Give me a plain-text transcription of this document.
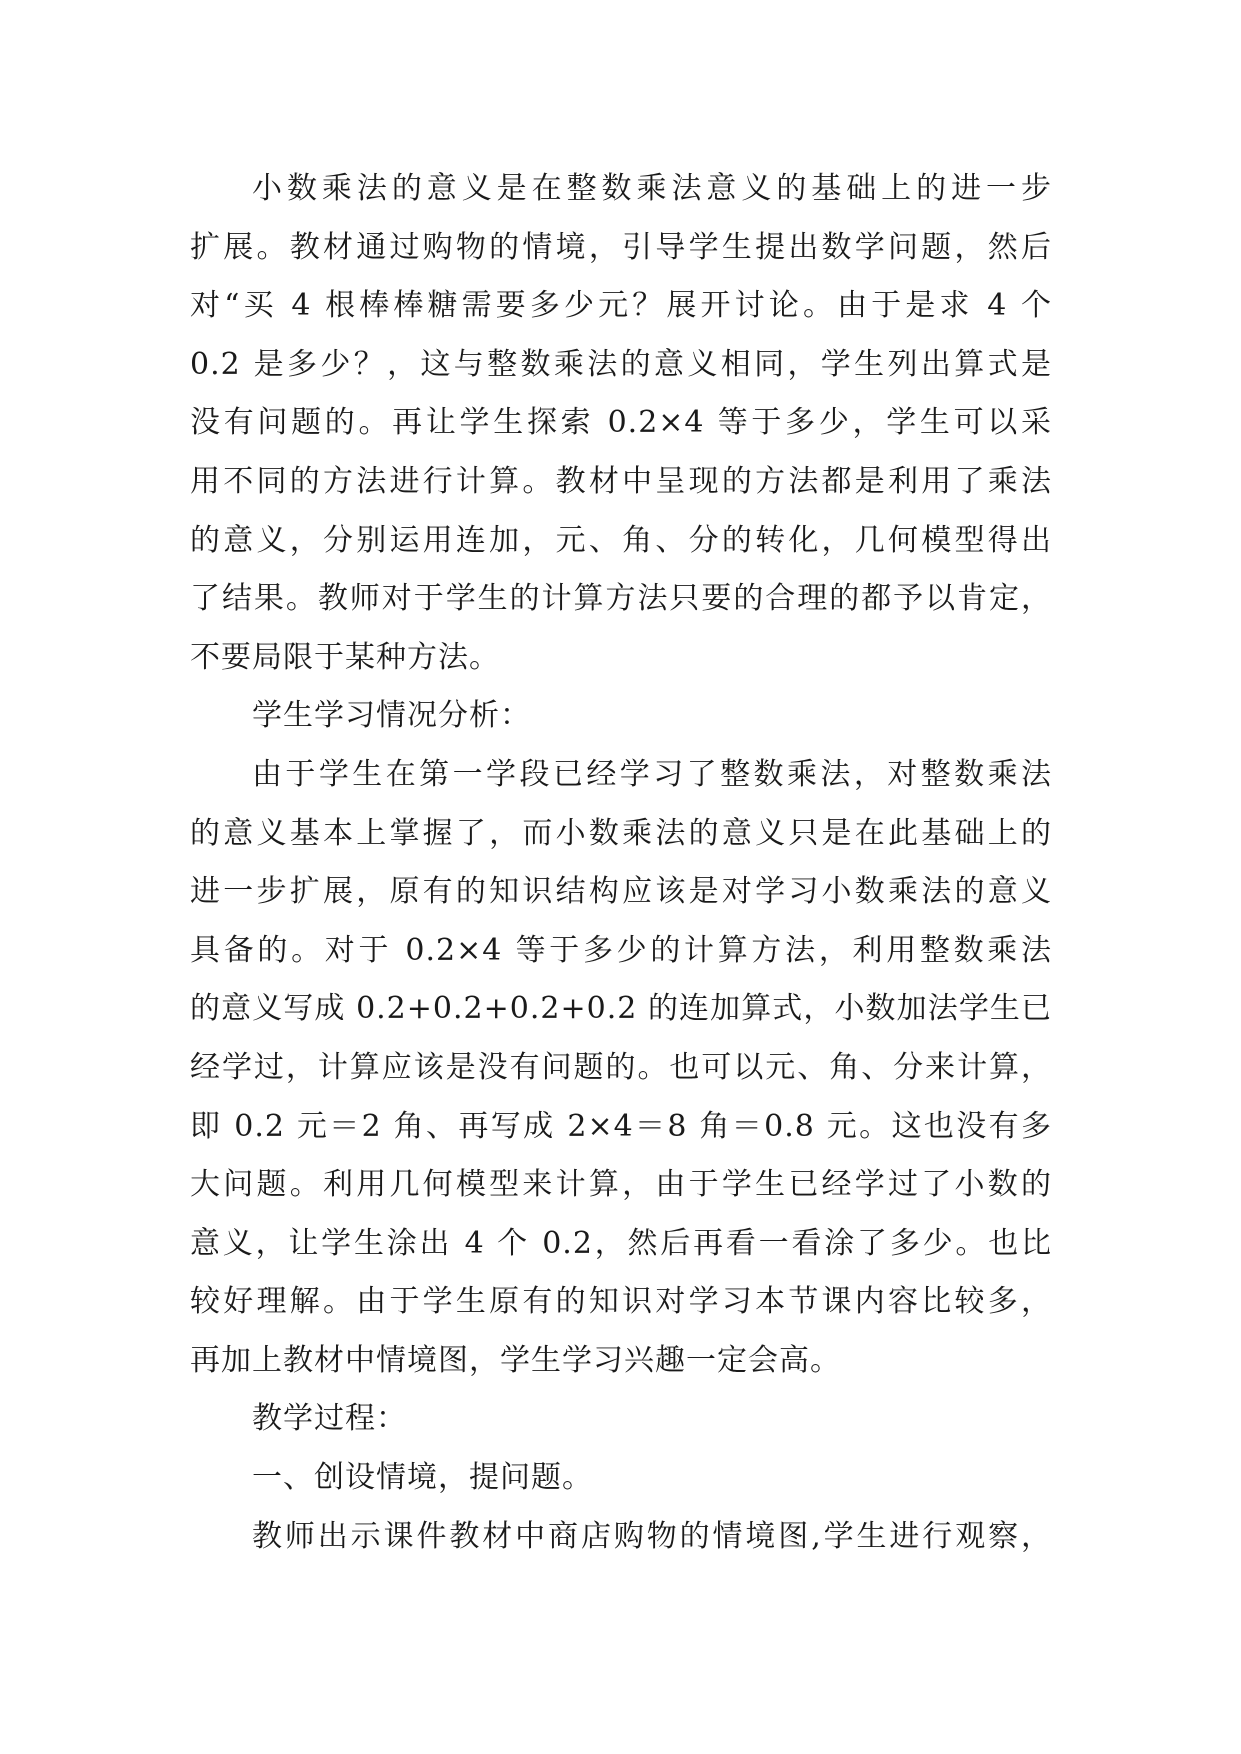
小数乘法的意义是在整数乘法意义的基础上的进一步
扩展。教材通过购物的情境，引导学生提出数学问题，然后
对“买 4 根棒棒糖需要多少元？展开讨论。由于是求 4 个
0.2 是多少？，这与整数乘法的意义相同，学生列出算式是
没有问题的。再让学生探索 0.2×4 等于多少，学生可以采
用不同的方法进行计算。教材中呈现的方法都是利用了乘法
的意义，分别运用连加，元、角、分的转化，几何模型得出
了结果。教师对于学生的计算方法只要的合理的都予以肯定，
不要局限于某种方法。
学生学习情况分析：
由于学生在第一学段已经学习了整数乘法，对整数乘法
的意义基本上掌握了，而小数乘法的意义只是在此基础上的
进一步扩展，原有的知识结构应该是对学习小数乘法的意义
具备的。对于 0.2×4 等于多少的计算方法，利用整数乘法
的意义写成 0.2+0.2+0.2+0.2 的连加算式，小数加法学生已
经学过，计算应该是没有问题的。也可以元、角、分来计算，
即 0.2 元＝2 角、再写成 2×4＝8 角＝0.8 元。这也没有多
大问题。利用几何模型来计算，由于学生已经学过了小数的
意义，让学生涂出 4 个 0.2，然后再看一看涂了多少。也比
较好理解。由于学生原有的知识对学习本节课内容比较多，
再加上教材中情境图，学生学习兴趣一定会高。
教学过程：
一、创设情境，提问题。
教师出示课件教材中商店购物的情境图,学生进行观察，
